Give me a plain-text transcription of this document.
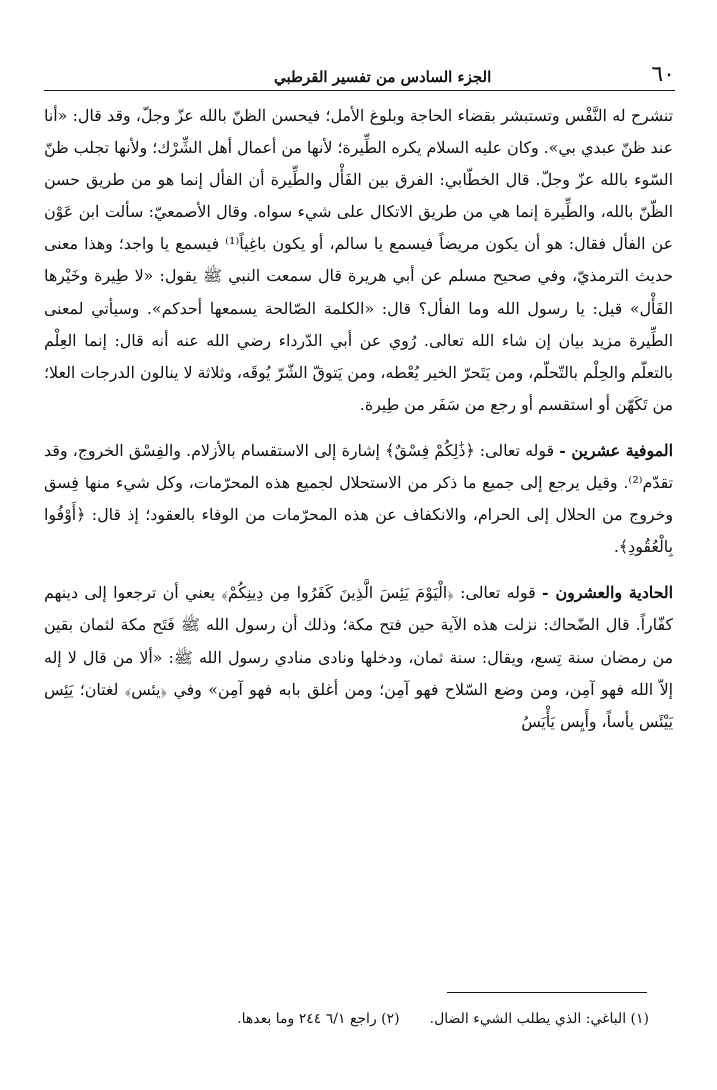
٦٠
الجزء السادس من تفسير القرطبي

تنشرح له النَّفْس وتستبشر بقضاء الحاجة وبلوغ الأمل؛ فيحسن الظنّ بالله عزّ وجلّ، وقد قال: «أنا عند ظنّ عبدي بي». وكان عليه السلام يكره الطِّيرة؛ لأنها من أعمال أهل الشِّرْك؛ ولأنها تجلب ظنّ السّوء بالله عزّ وجلّ. قال الخطّابي: الفرق بين الفَأْل والطِّيرة أن الفأل إنما هو من طريق حسن الظّنّ بالله، والطِّيرة إنما هي من طريق الاتكال على شيء سواه. وقال الأصمعيّ: سألت ابن عَوْن عن الفأل فقال: هو أن يكون مريضاً فيسمع يا سالم، أو يكون باغِياً⁽¹⁾ فيسمع يا واجد؛ وهذا معنى حديث الترمذيّ، وفي صحيح مسلم عن أبي هريرة قال سمعت النبي ﷺ يقول: «لا طِيرة وخَيْرها الفَأْل» قيل: يا رسول الله وما الفأل؟ قال: «الكلمة الصّالحة يسمعها أحدكم». وسيأتي لمعنى الطِّيرة مزيد بيان إن شاء الله تعالى. رُوي عن أبي الدّرداء رضي الله عنه أنه قال: إنما العِلْم بالتعلّم والحِلْم بالتّحلّم، ومن يَتَحرّ الخير يُعْطه، ومن يَتوقّ الشّرّ يُوقَه، وثلاثة لا ينالون الدرجات العلا؛ من تَكَهّن أو استقسم أو رجع من سَفَر من طِيرة.

الموفية عشرين - قوله تعالى: ﴿ذَٰلِكُمْ فِسْقٌ﴾ إشارة إلى الاستقسام بالأزلام. والفِسْق الخروج، وقد تقدّم⁽²⁾. وقيل يرجع إلى جميع ما ذكر من الاستحلال لجميع هذه المحرّمات، وكل شيء منها فِسق وخروج من الحلال إلى الحرام، والانكفاف عن هذه المحرّمات من الوفاء بالعقود؛ إذ قال: ﴿أَوْفُوا بِالْعُقُودِ﴾.

الحادية والعشرون - قوله تعالى: ﴿الْيَوْمَ يَئِسَ الَّذِينَ كَفَرُوا مِن دِينِكُمْ﴾ يعني أن ترجعوا إلى دينهم كفّاراً. قال الضّحاك: نزلت هذه الآية حين فتح مكة؛ وذلك أن رسول الله ﷺ فَتَح مكة لثمان بقين من رمضان سنة تِسع، ويقال: سنة ثمان، ودخلها ونادى منادي رسول الله ﷺ: «ألا من قال لا إله إلاّ الله فهو آمِن، ومن وضع السّلاح فهو آمِن؛ ومن أغلق بابه فهو آمِن» وفي ﴿يئس﴾ لغتان؛ يَئِس يَيْئَس يأساً، وأَيِس يَأْيَسُ

(١) الباغي: الذي يطلب الشيء الضال.
(٢) راجع ٦/١ ٢٤٤ وما بعدها.
